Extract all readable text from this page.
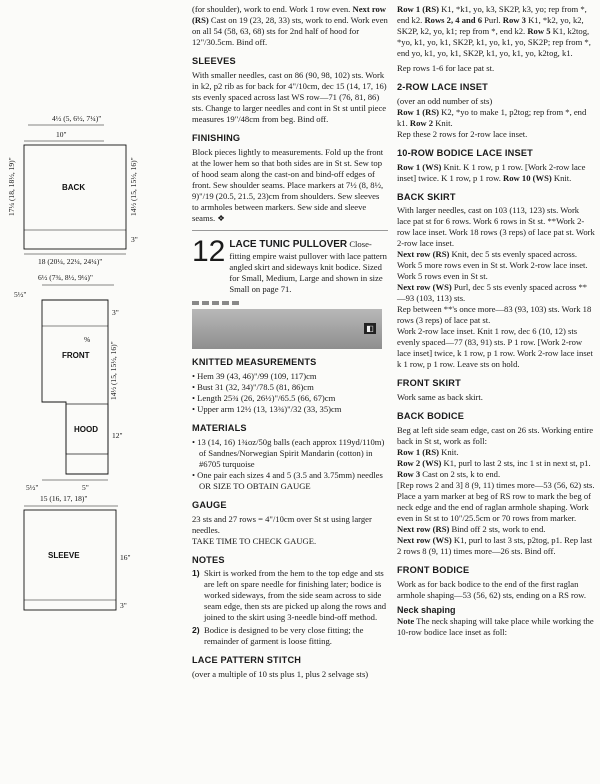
4½ (5, 6½, 7¼)"
10"
BACK
17¼ (18, 18½, 19)"	14½ (15, 15½, 16)"
3"
18 (20¼, 22¼, 24¼)"
6½ (7¾, 8½, 9¼)"
5½"
3"
%
FRONT	14½ (15, 15½, 16)"
HOOD
12"
5½"	5"
15 (16, 17, 18)"
SLEEVE	16"
3"

(for shoulder), work to end. Work 1 row even. Next row (RS) Cast on 19 (23, 28, 33) sts, work to end. Work even on all 54 (58, 63, 68) sts for 2nd half of hood for 12"/30.5cm. Bind off.

SLEEVES

With smaller needles, cast on 86 (90, 98, 102) sts. Work in k2, p2 rib as for back for 4"/10cm, dec 15 (14, 17, 16) sts evenly spaced across last WS row—71 (76, 81, 86) sts. Change to larger needles and cont in St st until piece measures 19"/48cm from beg. Bind off.

FINISHING

Block pieces lightly to measurements. Fold up the front at the lower hem so that both sides are in St st. Sew top of hood seam along the cast-on and bind-off edges of front. Sew shoulder seams. Place markers at 7½ (8, 8½, 9)"/19 (20.5, 21.5, 23)cm from shoulders. Sew sleeves to armholes between markers. Sew side and sleeve seams. ❖

12 LACE TUNIC PULLOVER Close-fitting empire waist pullover with lace pattern angled skirt and sideways knit bodice. Sized for Small, Medium, Large and shown in size Small on page 71.
◧
KNITTED MEASUREMENTS
• Hem 39 (43, 46)"/99 (109, 117)cm
• Bust 31 (32, 34)"/78.5 (81, 86)cm
• Length 25¾ (26, 26½)"/65.5 (66, 67)cm
• Upper arm 12½ (13, 13¾)"/32 (33, 35)cm
MATERIALS
• 13 (14, 16) 1¾oz/50g balls (each approx 119yd/110m) of Sandnes/Norwegian Spirit Mandarin (cotton) in #6705 turquoise
• One pair each sizes 4 and 5 (3.5 and 3.75mm) needles OR SIZE TO OBTAIN GAUGE
GAUGE

23 sts and 27 rows = 4"/10cm over St st using larger needles.

TAKE TIME TO CHECK GAUGE.

NOTES
1) Skirt is worked from the hem to the top edge and sts are left on spare needle for finishing later; bodice is worked sideways, from the side seam across to side seam edge, then sts are picked up along the rows and joined to the skirt using 3-needle bind-off method.
2) Bodice is designed to be very close fitting; the remainder of garment is loose fitting.
LACE PATTERN STITCH

(over a multiple of 10 sts plus 1, plus 2 selvage sts)

Row 1 (RS) K1, *k1, yo, k3, SK2P, k3, yo; rep from *, end k2. Rows 2, 4 and 6 Purl. Row 3 K1, *k2, yo, k2, SK2P, k2, yo, k1; rep from *, end k2. Row 5 K1, k2tog, *yo, k1, yo, k1, SK2P, k1, yo, k1, yo, SK2P; rep from *, end yo, k1, yo, k1, SK2P, k1, yo, k1, yo, k2tog, k1.

Rep rows 1-6 for lace pat st.

2-ROW LACE INSET

(over an odd number of sts)

Row 1 (RS) K2, *yo to make 1, p2tog; rep from *, end k1. Row 2 Knit.

Rep these 2 rows for 2-row lace inset.

10-ROW BODICE LACE INSET

Row 1 (WS) Knit. K 1 row, p 1 row. [Work 2-row lace inset] twice. K 1 row, p 1 row. Row 10 (WS) Knit.

BACK SKIRT

With larger needles, cast on 103 (113, 123) sts. Work lace pat st for 6 rows. Work 6 rows in St st. **Work 2-row lace inset. Work 18 rows (3 reps) of lace pat st. Work 2-row lace inset.

Next row (RS) Knit, dec 5 sts evenly spaced across. Work 5 more rows even in St st. Work 2-row lace inset. Work 5 rows even in St st.

Next row (WS) Purl, dec 5 sts evenly spaced across **—93 (103, 113) sts.

Rep between **'s once more—83 (93, 103) sts. Work 18 rows (3 reps) of lace pat st.

Work 2-row lace inset. Knit 1 row, dec 6 (10, 12) sts evenly spaced—77 (83, 91) sts. P 1 row. [Work 2-row lace inset] twice, k 1 row, p 1 row. Work 2-row lace inset k 1 row, p 1 row. Leave sts on hold.

FRONT SKIRT

Work same as back skirt.

BACK BODICE

Beg at left side seam edge, cast on 26 sts. Working entire back in St st, work as foll:

Row 1 (RS) Knit.

Row 2 (WS) K1, purl to last 2 sts, inc 1 st in next st, p1.

Row 3 Cast on 2 sts, k to end.

[Rep rows 2 and 3] 8 (9, 11) times more—53 (56, 62) sts. Place a yarn marker at beg of RS row to mark the beg of neck edge and the end of raglan armhole shaping. Work even in St st to 10"/25.5cm or 70 rows from marker.

Next row (RS) Bind off 2 sts, work to end.

Next row (WS) K1, purl to last 3 sts, p2tog, p1. Rep last 2 rows 8 (9, 11) times more—26 sts. Bind off.

FRONT BODICE

Work as for back bodice to the end of the first raglan armhole shaping—53 (56, 62) sts, ending on a RS row.

Neck shaping

Note The neck shaping will take place while working the 10-row bodice lace inset as foll:
